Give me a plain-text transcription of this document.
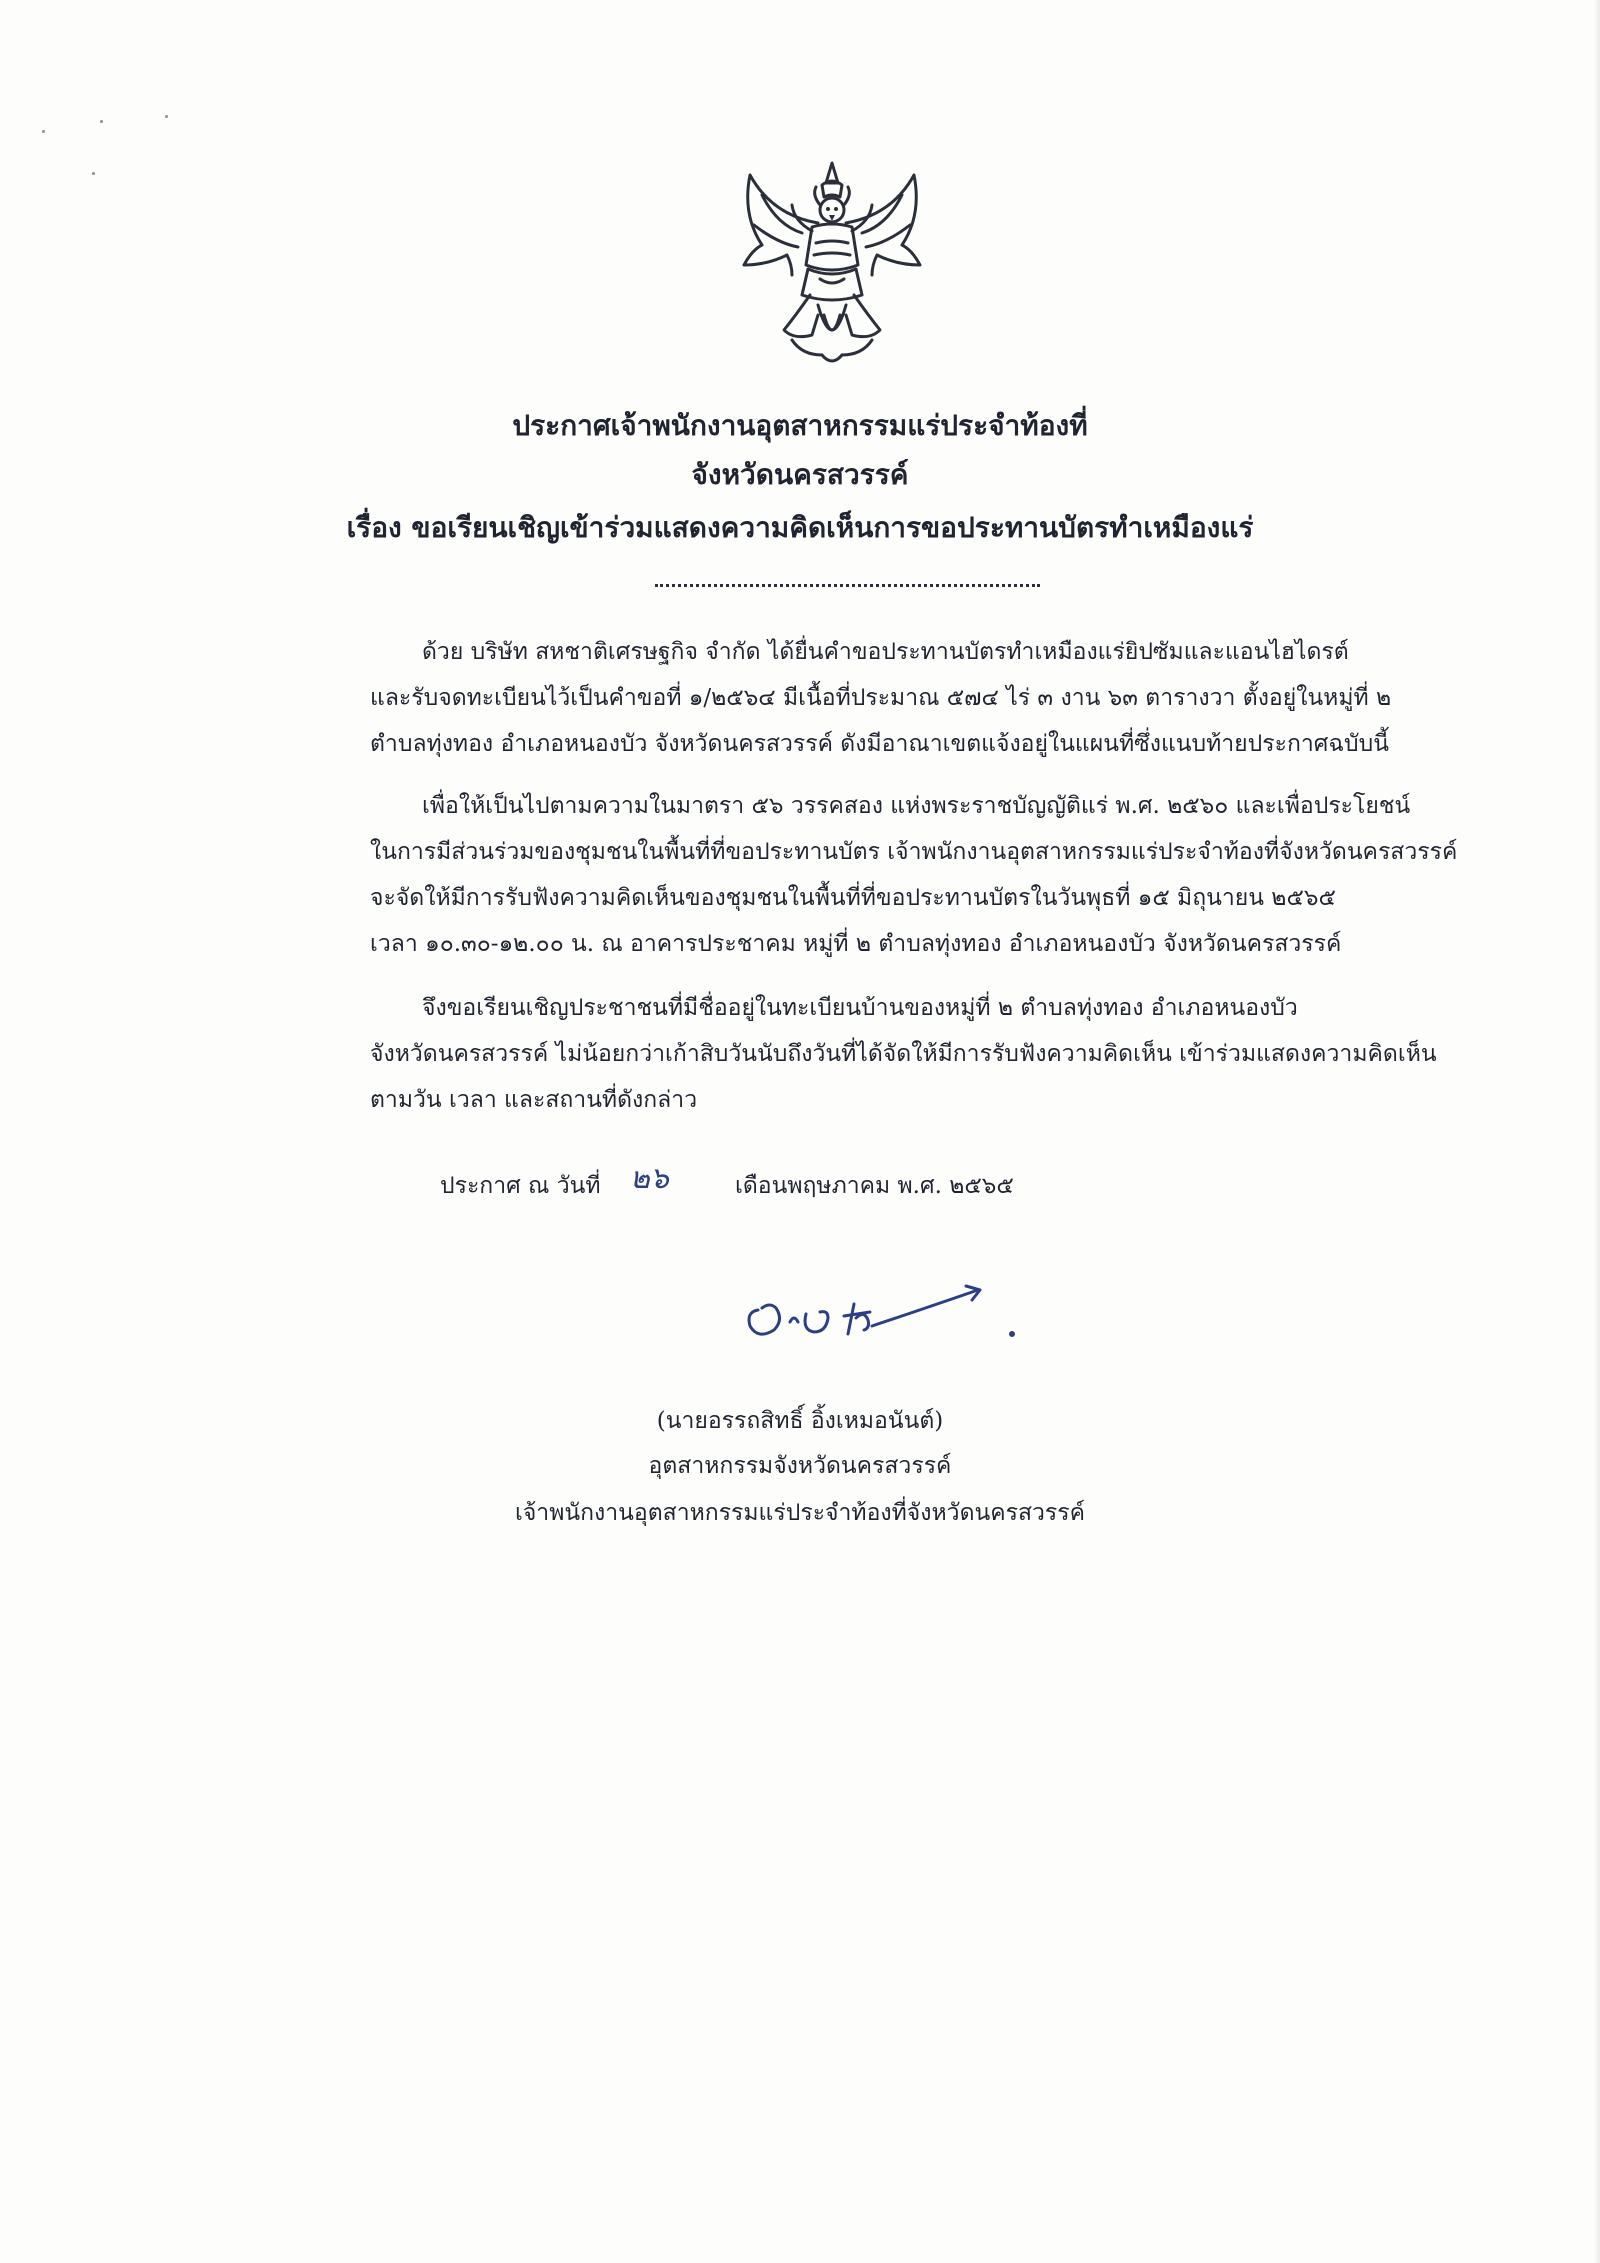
ประกาศเจ้าพนักงานอุตสาหกรรมแร่ประจำท้องที่
จังหวัดนครสวรรค์
เรื่อง ขอเรียนเชิญเข้าร่วมแสดงความคิดเห็นการขอประทานบัตรทำเหมืองแร่
ด้วย บริษัท สหชาติเศรษฐกิจ จำกัด ได้ยื่นคำขอประทานบัตรทำเหมืองแร่ยิปซัมและแอนไฮไดรต์
และรับจดทะเบียนไว้เป็นคำขอที่ ๑/๒๕๖๔ มีเนื้อที่ประมาณ ๕๗๔ ไร่ ๓ งาน ๖๓ ตารางวา ตั้งอยู่ในหมู่ที่ ๒
ตำบลทุ่งทอง อำเภอหนองบัว จังหวัดนครสวรรค์ ดังมีอาณาเขตแจ้งอยู่ในแผนที่ซึ่งแนบท้ายประกาศฉบับนี้
เพื่อให้เป็นไปตามความในมาตรา ๕๖ วรรคสอง แห่งพระราชบัญญัติแร่ พ.ศ. ๒๕๖๐ และเพื่อประโยชน์
ในการมีส่วนร่วมของชุมชนในพื้นที่ที่ขอประทานบัตร เจ้าพนักงานอุตสาหกรรมแร่ประจำท้องที่จังหวัดนครสวรรค์
จะจัดให้มีการรับฟังความคิดเห็นของชุมชนในพื้นที่ที่ขอประทานบัตรในวันพุธที่ ๑๕ มิถุนายน ๒๕๖๕
เวลา ๑๐.๓๐-๑๒.๐๐ น. ณ อาคารประชาคม หมู่ที่ ๒ ตำบลทุ่งทอง อำเภอหนองบัว จังหวัดนครสวรรค์
จึงขอเรียนเชิญประชาชนที่มีชื่ออยู่ในทะเบียนบ้านของหมู่ที่ ๒ ตำบลทุ่งทอง อำเภอหนองบัว
จังหวัดนครสวรรค์ ไม่น้อยกว่าเก้าสิบวันนับถึงวันที่ได้จัดให้มีการรับฟังความคิดเห็น เข้าร่วมแสดงความคิดเห็น
ตามวัน เวลา และสถานที่ดังกล่าว
ประกาศ ณ วันที่ ๒๖	เดือนพฤษภาคม พ.ศ. ๒๕๖๕
(นายอรรถสิทธิ์ อิ้งเหมอนันต์)
อุตสาหกรรมจังหวัดนครสวรรค์
เจ้าพนักงานอุตสาหกรรมแร่ประจำท้องที่จังหวัดนครสวรรค์
